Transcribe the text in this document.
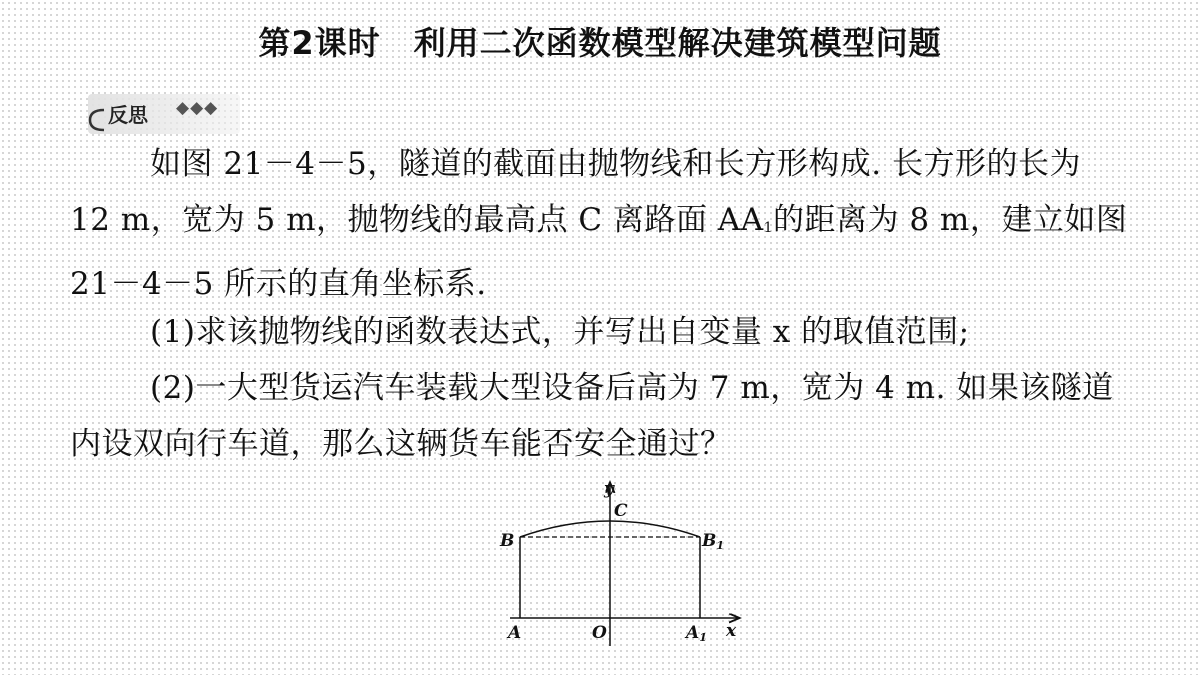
第2课时　利用二次函数模型解决建筑模型问题
反思 ◆◆◆
如图 21－4－5，隧道的截面由抛物线和长方形构成. 长方形的长为 12 m，宽为 5 m，抛物线的最高点 C 离路面 AA1的距离为 8 m，建立如图 21－4－5 所示的直角坐标系.
(1)求该抛物线的函数表达式，并写出自变量 x 的取值范围;
(2)一大型货运汽车装载大型设备后高为 7 m，宽为 4 m. 如果该隧道内设双向行车道，那么这辆货车能否安全通过？
y
x
C
O
B	B1
A	A1
